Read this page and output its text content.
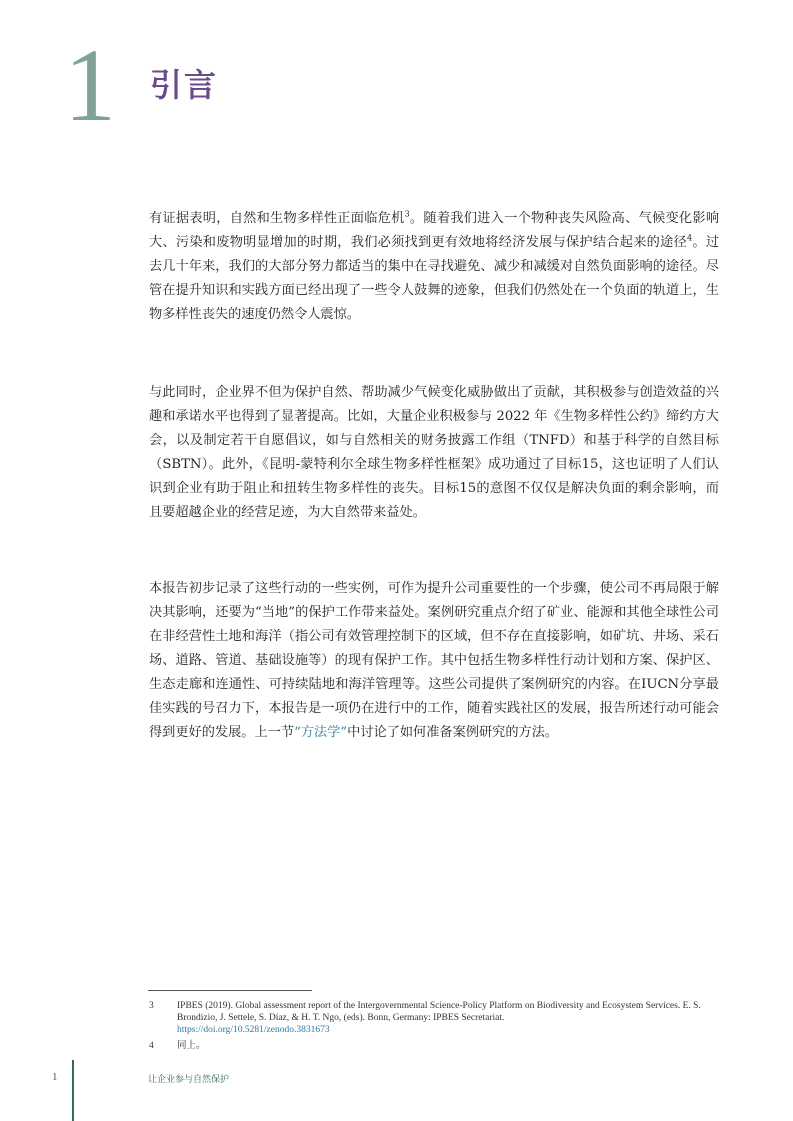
1 引言

有证据表明，自然和生物多样性正面临危机$^3$。随着我们进入一个物种丧失风险高、气候变化影响大、污染和废物明显增加的时期，我们必须找到更有效地将经济发展与保护结合起来的途径$^4$。过去几十年来，我们的大部分努力都适当的集中在寻找避免、减少和减缓对自然负面影响的途径。尽管在提升知识和实践方面已经出现了一些令人鼓舞的迹象，但我们仍然处在一个负面的轨道上，生物多样性丧失的速度仍然令人震惊。

与此同时，企业界不但为保护自然、帮助减少气候变化威胁做出了贡献，其积极参与创造效益的兴趣和承诺水平也得到了显著提高。比如，大量企业积极参与 2022 年《生物多样性公约》缔约方大会，以及制定若干自愿倡议，如与自然相关的财务披露工作组（TNFD）和基于科学的自然目标（SBTN）。此外，《昆明-蒙特利尔全球生物多样性框架》成功通过了目标15，这也证明了人们认识到企业有助于阻止和扭转生物多样性的丧失。目标15的意图不仅仅是解决负面的剩余影响，而且要超越企业的经营足迹，为大自然带来益处。

本报告初步记录了这些行动的一些实例，可作为提升公司重要性的一个步骤，使公司不再局限于解决其影响，还要为“当地”的保护工作带来益处。案例研究重点介绍了矿业、能源和其他全球性公司在非经营性土地和海洋（指公司有效管理控制下的区域，但不存在直接影响，如矿坑、井场、采石场、道路、管道、基础设施等）的现有保护工作。其中包括生物多样性行动计划和方案、保护区、生态走廊和连通性、可持续陆地和海洋管理等。这些公司提供了案例研究的内容。在IUCN分享最佳实践的号召力下，本报告是一项仍在进行中的工作，随着实践社区的发展，报告所述行动可能会得到更好的发展。上一节“方法学”中讨论了如何准备案例研究的方法。

3 IPBES (2019). Global assessment report of the Intergovernmental Science-Policy Platform on Biodiversity and Ecosystem Services. E. S. Brondizio, J. Settele, S. Díaz, & H. T. Ngo, (eds). Bonn, Germany: IPBES Secretariat.
https://doi.org/10.5281/zenodo.3831673
4 同上。
1	让企业参与自然保护
